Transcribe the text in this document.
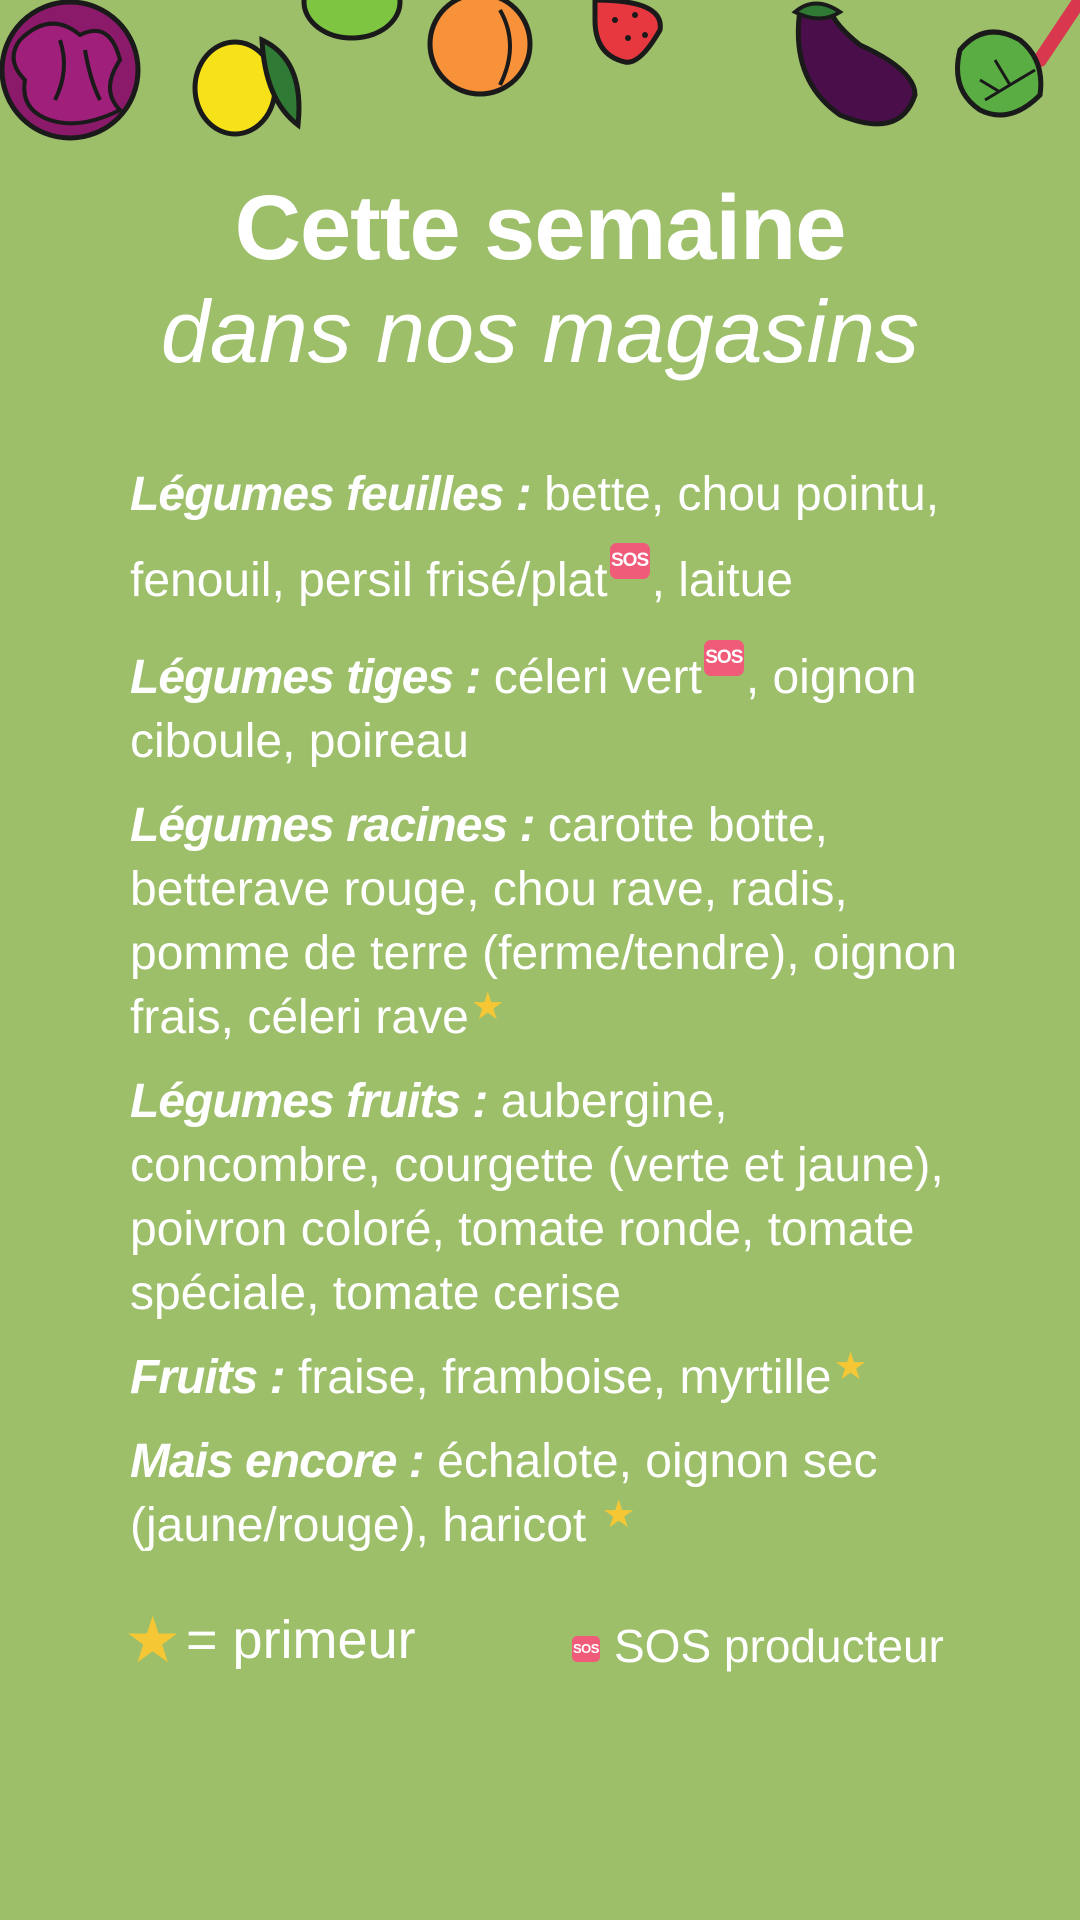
Cette semaine
dans nos magasins
Légumes feuilles : bette, chou pointu, fenouil, persil frisé/plat SOS, laitue
Légumes tiges : céleri vert SOS, oignon ciboule, poireau
Légumes racines : carotte botte, betterave rouge, chou rave, radis, pomme de terre (ferme/tendre), oignon frais, céleri rave★
Légumes fruits : aubergine, concombre, courgette (verte et jaune), poivron coloré, tomate ronde, tomate spéciale, tomate cerise
Fruits : fraise, framboise, myrtille★
Mais encore : échalote, oignon sec (jaune/rouge), haricot ★
★ = primeur	SOS SOS producteur
